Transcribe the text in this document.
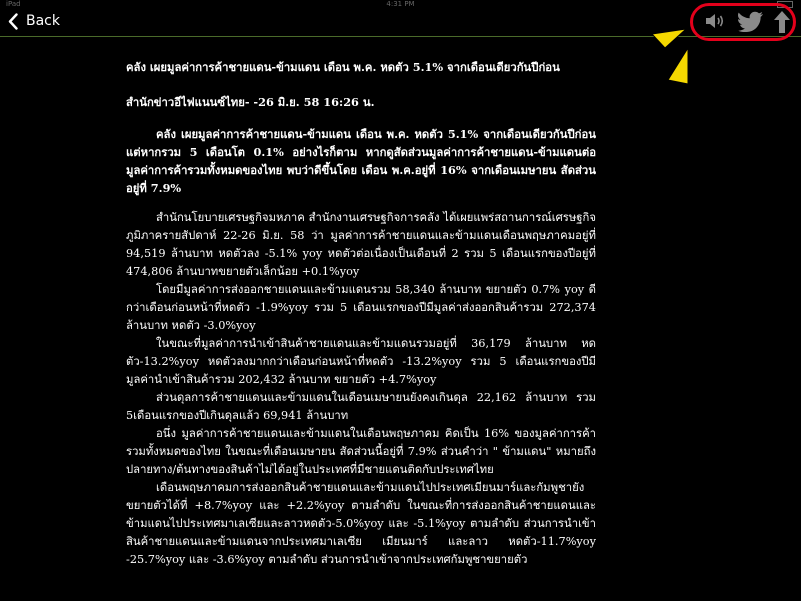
iPad	4:31 PM
Back

คลัง เผยมูลค่าการค้าชายแดน-ข้ามแดน เดือน พ.ค. หดตัว 5.1% จากเดือนเดียวกันปีก่อน

สำนักข่าวอีไฟแนนซ์ไทย- -26 มิ.ย. 58 16:26 น.

คลัง เผยมูลค่าการค้าชายแดน-ข้ามแดน เดือน พ.ค. หดตัว 5.1% จากเดือนเดียวกันปีก่อน แต่หากรวม 5 เดือนโต 0.1% อย่างไรก็ตาม หากดูสัดส่วนมูลค่าการค้าชายแดน-ข้ามแดนต่อมูลค่าการค้ารวมทั้งหมดของไทย พบว่าดีขึ้นโดย เดือน พ.ค.อยู่ที่ 16% จากเดือนเมษายน สัดส่วนอยู่ที่ 7.9%

สำนักนโยบายเศรษฐกิจมหภาค สำนักงานเศรษฐกิจการคลัง ได้เผยแพร่สถานการณ์เศรษฐกิจภูมิภาครายสัปดาห์ 22-26 มิ.ย. 58 ว่า มูลค่าการค้าชายแดนและข้ามแดนเดือนพฤษภาคมอยู่ที่ 94,519 ล้านบาท หดตัวลง -5.1% yoy หดตัวต่อเนื่องเป็นเดือนที่ 2 รวม 5 เดือนแรกของปีอยู่ที่ 474,806 ล้านบาทขยายตัวเล็กน้อย +0.1%yoy

โดยมีมูลค่าการส่งออกชายแดนและข้ามแดนรวม 58,340 ล้านบาท ขยายตัว 0.7% yoy ดีกว่าเดือนก่อนหน้าที่หดตัว -1.9%yoy รวม 5 เดือนแรกของปีมีมูลค่าส่งออกสินค้ารวม 272,374 ล้านบาท หดตัว -3.0%yoy

ในขณะที่มูลค่าการนำเข้าสินค้าชายแดนและข้ามแดนรวมอยู่ที่ 36,179 ล้านบาท หดตัว-13.2%yoy หดตัวลงมากกว่าเดือนก่อนหน้าที่หดตัว -13.2%yoy รวม 5 เดือนแรกของปีมีมูลค่านำเข้าสินค้ารวม 202,432 ล้านบาท ขยายตัว +4.7%yoy

ส่วนดุลการค้าชายแดนและข้ามแดนในเดือนเมษายนยังคงเกินดุล 22,162 ล้านบาท รวม 5เดือนแรกของปีเกินดุลแล้ว 69,941 ล้านบาท

อนึ่ง มูลค่าการค้าชายแดนและข้ามแดนในเดือนพฤษภาคม คิดเป็น 16% ของมูลค่าการค้ารวมทั้งหมดของไทย ในขณะที่เดือนเมษายน สัดส่วนนี้อยู่ที่ 7.9% ส่วนคำว่า " ข้ามแดน" หมายถึง ปลายทาง/ต้นทางของสินค้าไม่ได้อยู่ในประเทศที่มีชายแดนติดกับประเทศไทย

เดือนพฤษภาคมการส่งออกสินค้าชายแดนและข้ามแดนไปประเทศเมียนมาร์และกัมพูชายังขยายตัวได้ที่ +8.7%yoy และ +2.2%yoy ตามลำดับ ในขณะที่การส่งออกสินค้าชายแดนและข้ามแดนไปประเทศมาเลเซียและลาวหดตัว-5.0%yoy และ -5.1%yoy ตามลำดับ ส่วนการนำเข้าสินค้าชายแดนและข้ามแดนจากประเทศมาเลเซีย เมียนมาร์ และลาว หดตัว-11.7%yoy -25.7%yoy และ -3.6%yoy ตามลำดับ ส่วนการนำเข้าจากประเทศกัมพูชาขยายตัว
